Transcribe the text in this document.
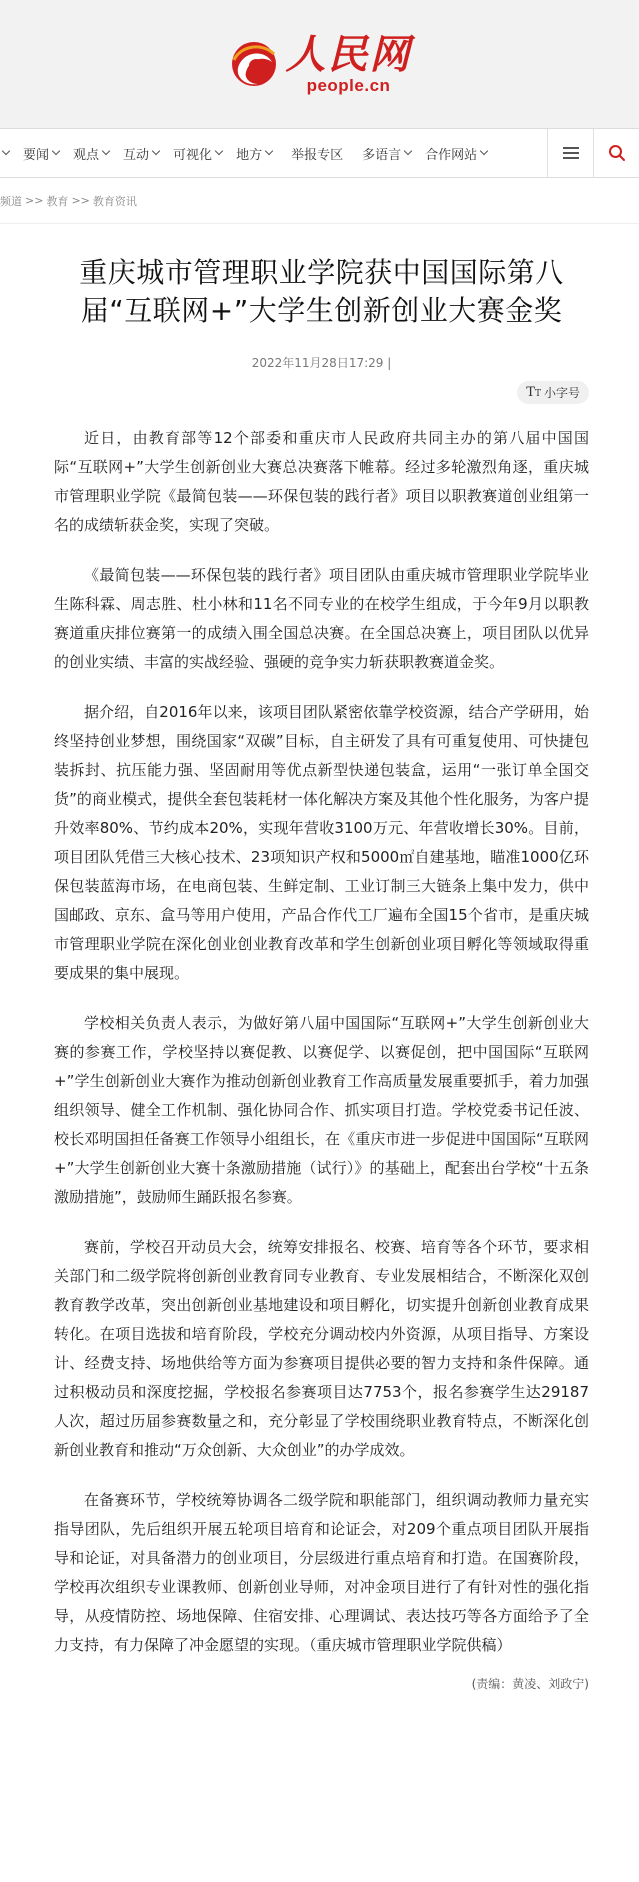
人民网
people.cn
要闻 观点 互动 可视化 地方 举报专区 多语言 合作网站
频道 >> 教育 >> 教育资讯
重庆城市管理职业学院获中国国际第八届“互联网+”大学生创新创业大赛金奖
2022年11月28日17:29 |
TT 小字号

近日，由教育部等12个部委和重庆市人民政府共同主办的第八届中国国际“互联网+”大学生创新创业大赛总决赛落下帷幕。经过多轮激烈角逐，重庆城市管理职业学院《最简包装——环保包装的践行者》项目以职教赛道创业组第一名的成绩斩获金奖，实现了突破。

《最简包装——环保包装的践行者》项目团队由重庆城市管理职业学院毕业生陈科霖、周志胜、杜小林和11名不同专业的在校学生组成，于今年9月以职教赛道重庆排位赛第一的成绩入围全国总决赛。在全国总决赛上，项目团队以优异的创业实绩、丰富的实战经验、强硬的竞争实力斩获职教赛道金奖。

据介绍，自2016年以来，该项目团队紧密依靠学校资源，结合产学研用，始终坚持创业梦想，围绕国家“双碳”目标，自主研发了具有可重复使用、可快捷包装拆封、抗压能力强、坚固耐用等优点新型快递包装盒，运用“一张订单全国交货”的商业模式，提供全套包装耗材一体化解决方案及其他个性化服务，为客户提升效率80%、节约成本20%，实现年营收3100万元、年营收增长30%。目前，项目团队凭借三大核心技术、23项知识产权和5000㎡自建基地，瞄准1000亿环保包装蓝海市场，在电商包装、生鲜定制、工业订制三大链条上集中发力，供中国邮政、京东、盒马等用户使用，产品合作代工厂遍布全国15个省市，是重庆城市管理职业学院在深化创业创业教育改革和学生创新创业项目孵化等领域取得重要成果的集中展现。

学校相关负责人表示，为做好第八届中国国际“互联网+”大学生创新创业大赛的参赛工作，学校坚持以赛促教、以赛促学、以赛促创，把中国国际“互联网+”学生创新创业大赛作为推动创新创业教育工作高质量发展重要抓手，着力加强组织领导、健全工作机制、强化协同合作、抓实项目打造。学校党委书记任波、校长邓明国担任备赛工作领导小组组长，在《重庆市进一步促进中国国际“互联网+”大学生创新创业大赛十条激励措施（试行）》的基础上，配套出台学校“十五条激励措施”，鼓励师生踊跃报名参赛。

赛前，学校召开动员大会，统筹安排报名、校赛、培育等各个环节，要求相关部门和二级学院将创新创业教育同专业教育、专业发展相结合，不断深化双创教育教学改革，突出创新创业基地建设和项目孵化，切实提升创新创业教育成果转化。在项目选拔和培育阶段，学校充分调动校内外资源，从项目指导、方案设计、经费支持、场地供给等方面为参赛项目提供必要的智力支持和条件保障。通过积极动员和深度挖掘，学校报名参赛项目达7753个，报名参赛学生达29187人次，超过历届参赛数量之和，充分彰显了学校围绕职业教育特点，不断深化创新创业教育和推动“万众创新、大众创业”的办学成效。

在备赛环节，学校统筹协调各二级学院和职能部门，组织调动教师力量充实指导团队，先后组织开展五轮项目培育和论证会，对209个重点项目团队开展指导和论证，对具备潜力的创业项目，分层级进行重点培育和打造。在国赛阶段，学校再次组织专业课教师、创新创业导师，对冲金项目进行了有针对性的强化指导，从疫情防控、场地保障、住宿安排、心理调试、表达技巧等各方面给予了全力支持，有力保障了冲金愿望的实现。（重庆城市管理职业学院供稿）

(责编：黄凌、刘政宁)
